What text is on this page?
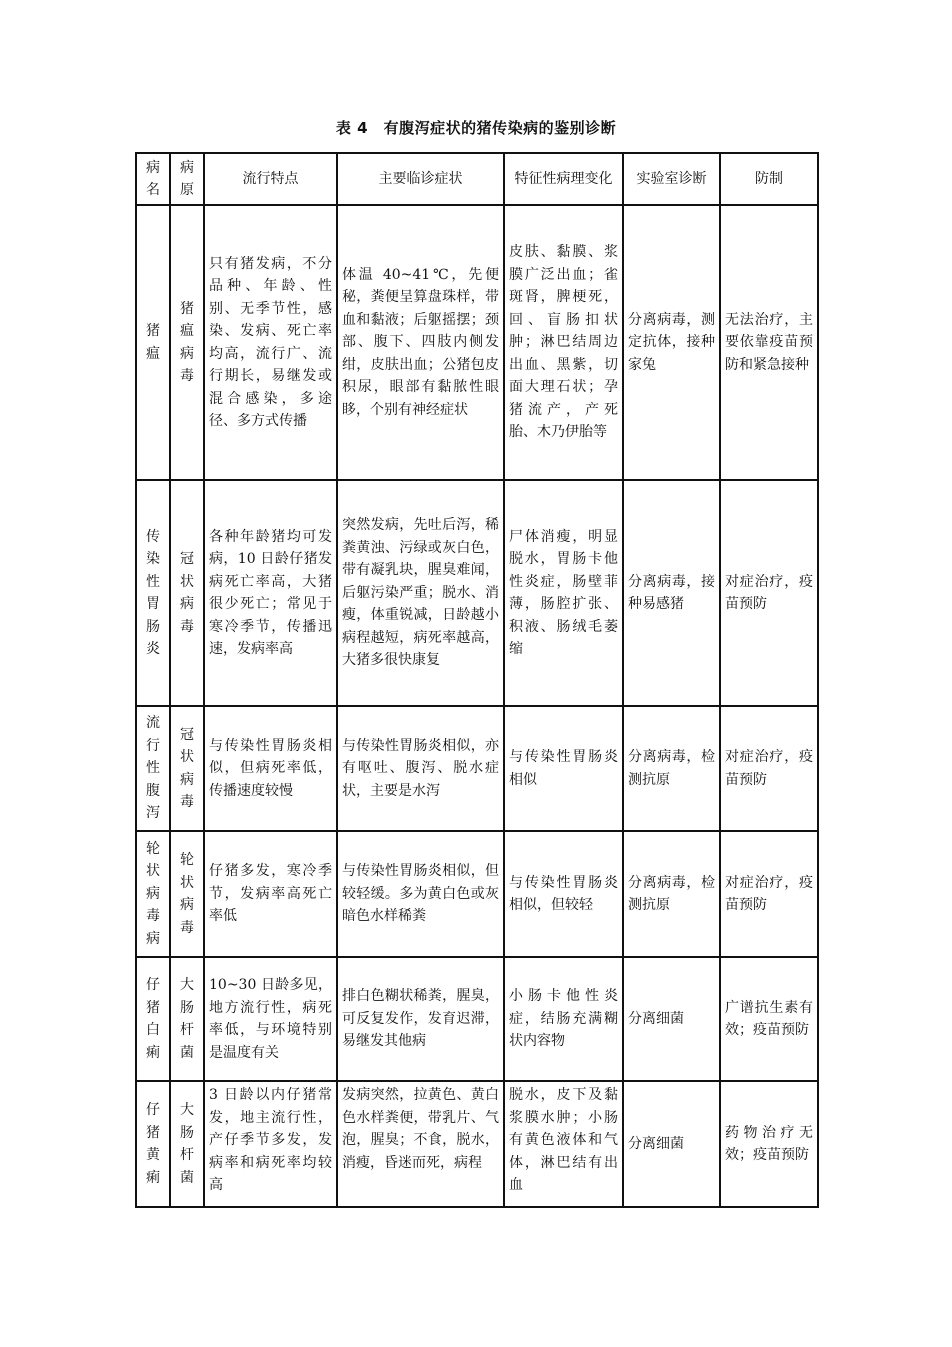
表 4　有腹泻症状的猪传染病的鉴别诊断
病名	病原	流行特点	主要临诊症状	特征性病理变化	实验室诊断	防制
猪瘟	猪瘟病毒	只有猪发病，不分品种、年龄、性别、无季节性，感染、发病、死亡率均高，流行广、流行期长，易继发或混合感染，多途径、多方式传播	体温 40~41℃，先便秘，粪便呈算盘珠样，带血和黏液；后躯摇摆；颈部、腹下、四肢内侧发绀，皮肤出血；公猪包皮积尿，眼部有黏脓性眼眵，个别有神经症状	皮肤、黏膜、浆膜广泛出血；雀斑肾，脾梗死，回、盲肠扣状肿；淋巴结周边出血、黑紫，切面大理石状；孕猪流产，产死胎、木乃伊胎等	分离病毒，测定抗体，接种家兔	无法治疗，主要依靠疫苗预防和紧急接种
传染性胃肠炎	冠状病毒	各种年龄猪均可发病，10 日龄仔猪发病死亡率高，大猪很少死亡；常见于寒冷季节，传播迅速，发病率高	突然发病，先吐后泻，稀粪黄浊、污绿或灰白色，带有凝乳块，腥臭难闻，后躯污染严重；脱水、消瘦，体重锐减，日龄越小病程越短，病死率越高，大猪多很快康复	尸体消瘦，明显脱水，胃肠卡他性炎症，肠壁菲薄，肠腔扩张、积液、肠绒毛萎缩	分离病毒，接种易感猪	对症治疗，疫苗预防
流行性腹泻	冠状病毒	与传染性胃肠炎相似，但病死率低，传播速度较慢	与传染性胃肠炎相似，亦有呕吐、腹泻、脱水症状，主要是水泻	与传染性胃肠炎相似	分离病毒，检测抗原	对症治疗，疫苗预防
轮状病毒病	轮状病毒	仔猪多发，寒冷季节，发病率高死亡率低	与传染性胃肠炎相似，但较轻缓。多为黄白色或灰暗色水样稀粪	与传染性胃肠炎相似，但较轻	分离病毒，检测抗原	对症治疗，疫苗预防
仔猪白痢	大肠杆菌	10~30 日龄多见，地方流行性，病死率低，与环境特别是温度有关	排白色糊状稀粪，腥臭，可反复发作，发育迟滞，易继发其他病	小肠卡他性炎症，结肠充满糊状内容物	分离细菌	广谱抗生素有效；疫苗预防
仔猪黄痢	大肠杆菌	3 日龄以内仔猪常发，地主流行性，产仔季节多发，发病率和病死率均较高	发病突然，拉黄色、黄白色水样粪便，带乳片、气泡，腥臭；不食，脱水，消瘦，昏迷而死，病程	脱水，皮下及黏浆膜水肿；小肠有黄色液体和气体，淋巴结有出血	分离细菌	药物治疗无效；疫苗预防
